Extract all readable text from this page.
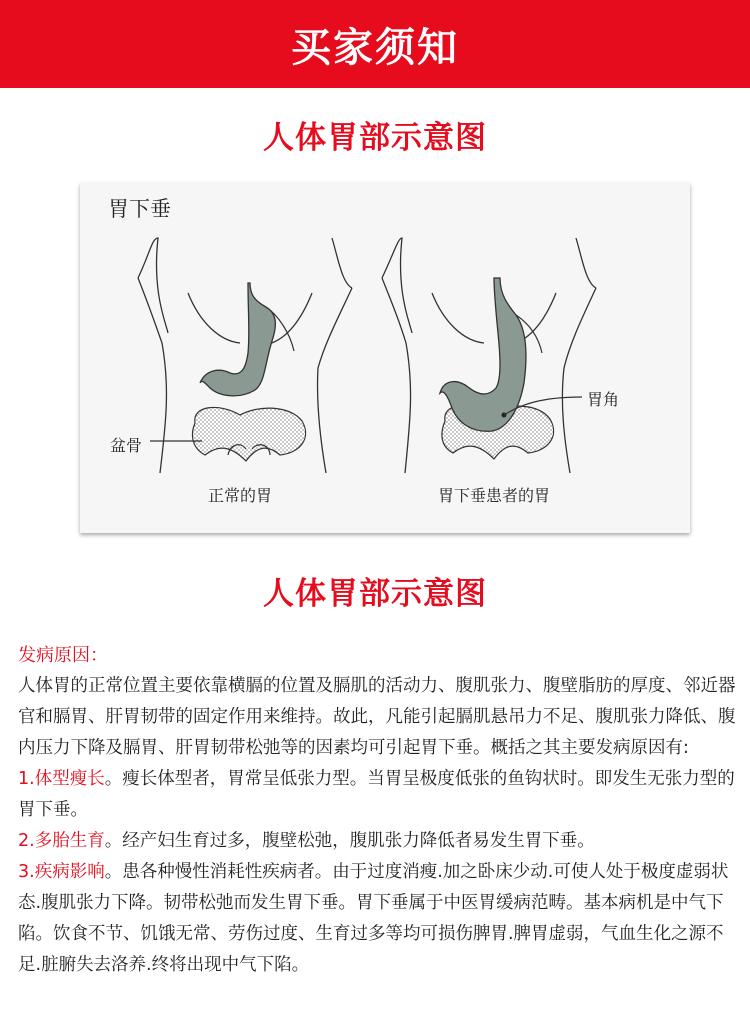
买家须知
人体胃部示意图
胃下垂
盆骨
胃角
正常的胃	胃下垂患者的胃
人体胃部示意图

发病原因：

人体胃的正常位置主要依靠横膈的位置及膈肌的活动力、腹肌张力、腹壁脂肪的厚度、邻近器官和膈胃、肝胃韧带的固定作用来维持。故此，凡能引起膈肌悬吊力不足、腹肌张力降低、腹内压力下降及膈胃、肝胃韧带松弛等的因素均可引起胃下垂。概括之其主要发病原因有:

1.体型瘦长。瘦长体型者，胃常呈低张力型。当胃呈极度低张的鱼钩状时。即发生无张力型的胃下垂。

2.多胎生育。经产妇生育过多，腹壁松弛，腹肌张力降低者易发生胃下垂。

3.疾病影响。患各种慢性消耗性疾病者。由于过度消瘦.加之卧床少动.可使人处于极度虚弱状态.腹肌张力下降。韧带松弛而发生胃下垂。胃下垂属于中医胃缓病范畴。基本病机是中气下陷。饮食不节、饥饿无常、劳伤过度、生育过多等均可损伤脾胃.脾胃虚弱，气血生化之源不足.脏腑失去洛养.终将出现中气下陷。
